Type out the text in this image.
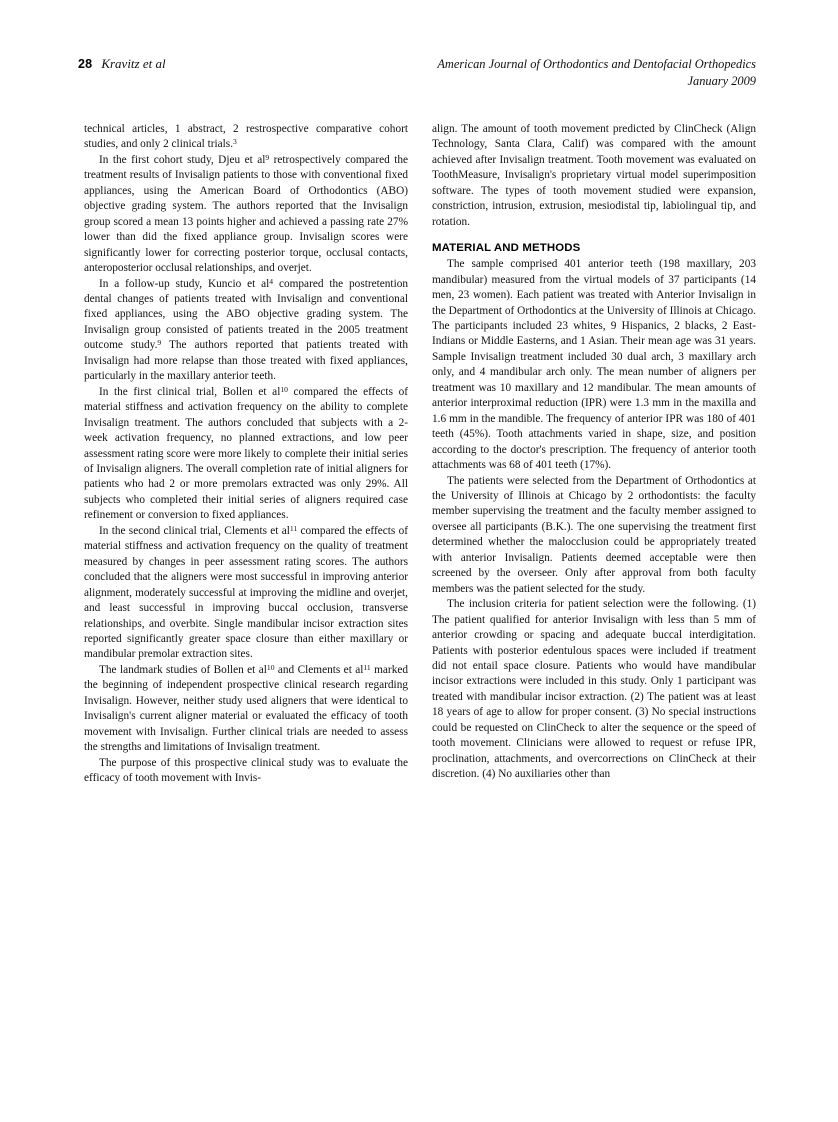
28 Kravitz et al	American Journal of Orthodontics and Dentofacial Orthopedics
January 2009

technical articles, 1 abstract, 2 restrospective comparative cohort studies, and only 2 clinical trials.$^3$

In the first cohort study, Djeu et $al^9$ retrospectively compared the treatment results of Invisalign patients to those with conventional fixed appliances, using the American Board of Orthodontics (ABO) objective grading system. The authors reported that the Invisalign group scored a mean 13 points higher and achieved a passing rate 27% lower than did the fixed appliance group. Invisalign scores were significantly lower for correcting posterior torque, occlusal contacts, anteroposterior occlusal relationships, and overjet.

In a follow-up study, Kuncio et $al^4$ compared the postretention dental changes of patients treated with Invisalign and conventional fixed appliances, using the ABO objective grading system. The Invisalign group consisted of patients treated in the 2005 treatment outcome study.$^9$ The authors reported that patients treated with Invisalign had more relapse than those treated with fixed appliances, particularly in the maxillary anterior teeth.

In the first clinical trial, Bollen et $al^{10}$ compared the effects of material stiffness and activation frequency on the ability to complete Invisalign treatment. The authors concluded that subjects with a 2-week activation frequency, no planned extractions, and low peer assessment rating score were more likely to complete their initial series of Invisalign aligners. The overall completion rate of initial aligners for patients who had 2 or more premolars extracted was only 29%. All subjects who completed their initial series of aligners required case refinement or conversion to fixed appliances.

In the second clinical trial, Clements et $al^{11}$ compared the effects of material stiffness and activation frequency on the quality of treatment measured by changes in peer assessment rating scores. The authors concluded that the aligners were most successful in improving anterior alignment, moderately successful at improving the midline and overjet, and least successful in improving buccal occlusion, transverse relationships, and overbite. Single mandibular incisor extraction sites reported significantly greater space closure than either maxillary or mandibular premolar extraction sites.

The landmark studies of Bollen et $al^{10}$ and Clements et $al^{11}$ marked the beginning of independent prospective clinical research regarding Invisalign. However, neither study used aligners that were identical to Invisalign's current aligner material or evaluated the efficacy of tooth movement with Invisalign. Further clinical trials are needed to assess the strengths and limitations of Invisalign treatment.

The purpose of this prospective clinical study was to evaluate the efficacy of tooth movement with Invis-

align. The amount of tooth movement predicted by ClinCheck (Align Technology, Santa Clara, Calif) was compared with the amount achieved after Invisalign treatment. Tooth movement was evaluated on ToothMeasure, Invisalign's proprietary virtual model superimposition software. The types of tooth movement studied were expansion, constriction, intrusion, extrusion, mesiodistal tip, labiolingual tip, and rotation.

MATERIAL AND METHODS

The sample comprised 401 anterior teeth (198 maxillary, 203 mandibular) measured from the virtual models of 37 participants (14 men, 23 women). Each patient was treated with Anterior Invisalign in the Department of Orthodontics at the University of Illinois at Chicago. The participants included 23 whites, 9 Hispanics, 2 blacks, 2 East-Indians or Middle Easterns, and 1 Asian. Their mean age was 31 years. Sample Invisalign treatment included 30 dual arch, 3 maxillary arch only, and 4 mandibular arch only. The mean number of aligners per treatment was 10 maxillary and 12 mandibular. The mean amounts of anterior interproximal reduction (IPR) were 1.3 mm in the maxilla and 1.6 mm in the mandible. The frequency of anterior IPR was 180 of 401 teeth (45%). Tooth attachments varied in shape, size, and position according to the doctor's prescription. The frequency of anterior tooth attachments was 68 of 401 teeth (17%).

The patients were selected from the Department of Orthodontics at the University of Illinois at Chicago by 2 orthodontists: the faculty member supervising the treatment and the faculty member assigned to oversee all participants (B.K.). The one supervising the treatment first determined whether the malocclusion could be appropriately treated with anterior Invisalign. Patients deemed acceptable were then screened by the overseer. Only after approval from both faculty members was the patient selected for the study.

The inclusion criteria for patient selection were the following. (1) The patient qualified for anterior Invisalign with less than 5 mm of anterior crowding or spacing and adequate buccal interdigitation. Patients with posterior edentulous spaces were included if treatment did not entail space closure. Patients who would have mandibular incisor extractions were included in this study. Only 1 participant was treated with mandibular incisor extraction. (2) The patient was at least 18 years of age to allow for proper consent. (3) No special instructions could be requested on ClinCheck to alter the sequence or the speed of tooth movement. Clinicians were allowed to request or refuse IPR, proclination, attachments, and overcorrections on ClinCheck at their discretion. (4) No auxiliaries other than
